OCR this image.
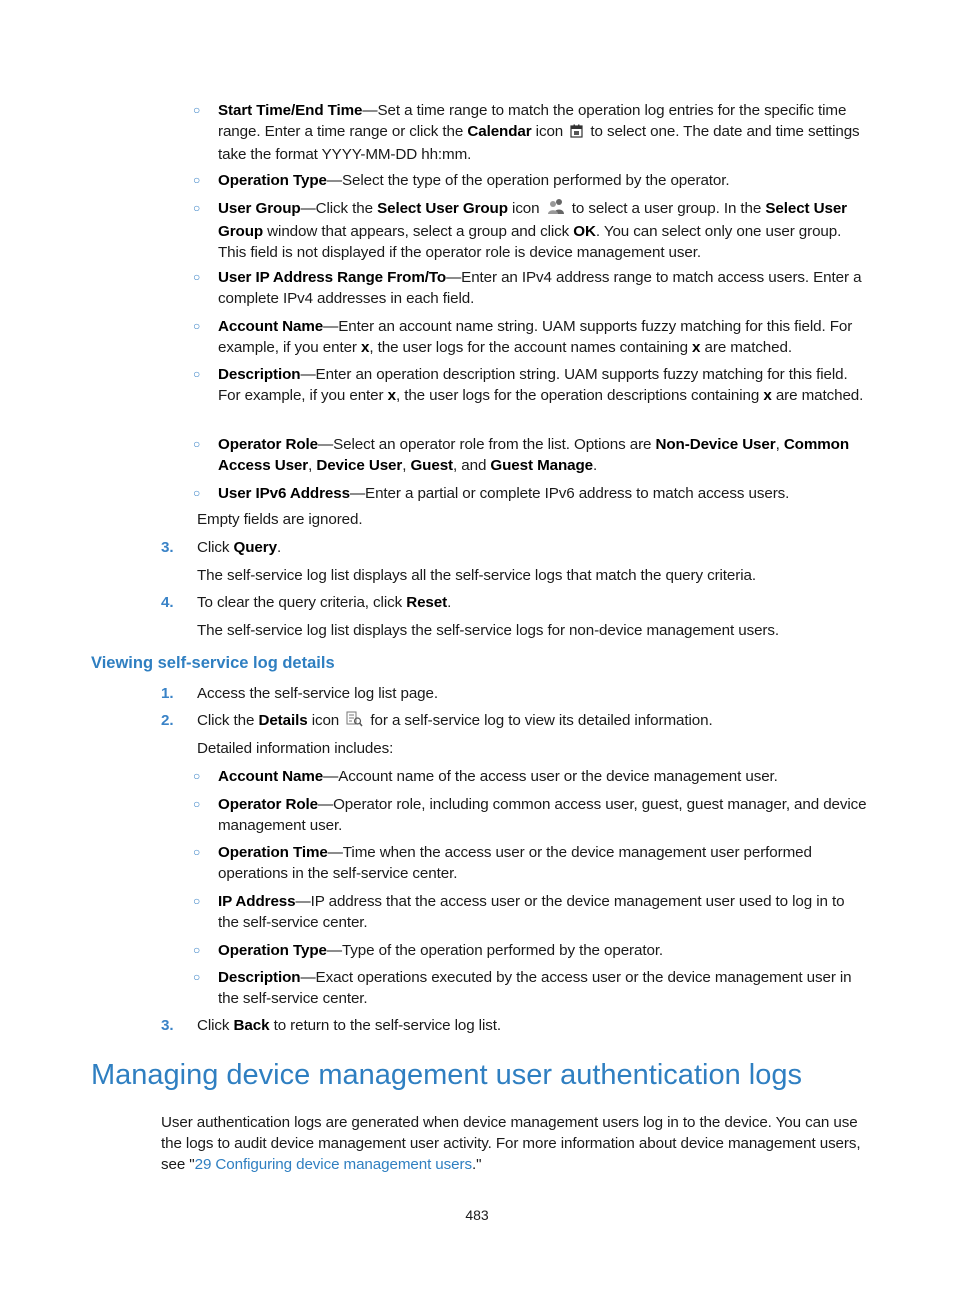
○ Start Time/End Time—Set a time range to match the operation log entries for the specific time range. Enter a time range or click the Calendar icon  to select one. The date and time settings take the format YYYY-MM-DD hh:mm.
○ Operation Type—Select the type of the operation performed by the operator.
○ User Group—Click the Select User Group icon  to select a user group. In the Select User Group window that appears, select a group and click OK. You can select only one user group. This field is not displayed if the operator role is device management user.
○ User IP Address Range From/To—Enter an IPv4 address range to match access users. Enter a complete IPv4 addresses in each field.
○ Account Name—Enter an account name string. UAM supports fuzzy matching for this field. For example, if you enter x, the user logs for the account names containing x are matched.
○ Description—Enter an operation description string. UAM supports fuzzy matching for this field. For example, if you enter x, the user logs for the operation descriptions containing x are matched.
○ Operator Role—Select an operator role from the list. Options are Non-Device User, Common Access User, Device User, Guest, and Guest Manage.
○ User IPv6 Address—Enter a partial or complete IPv6 address to match access users.
Empty fields are ignored.
3. Click Query.
The self-service log list displays all the self-service logs that match the query criteria.
4. To clear the query criteria, click Reset.
The self-service log list displays the self-service logs for non-device management users.
Viewing self-service log details
1. Access the self-service log list page.
2. Click the Details icon  for a self-service log to view its detailed information.
Detailed information includes:
○ Account Name—Account name of the access user or the device management user.
○ Operator Role—Operator role, including common access user, guest, guest manager, and device management user.
○ Operation Time—Time when the access user or the device management user performed operations in the self-service center.
○ IP Address—IP address that the access user or the device management user used to log in to the self-service center.
○ Operation Type—Type of the operation performed by the operator.
○ Description—Exact operations executed by the access user or the device management user in the self-service center.
3. Click Back to return to the self-service log list.
Managing device management user authentication logs
User authentication logs are generated when device management users log in to the device. You can use the logs to audit device management user activity. For more information about device management users, see "29 Configuring device management users."
483
